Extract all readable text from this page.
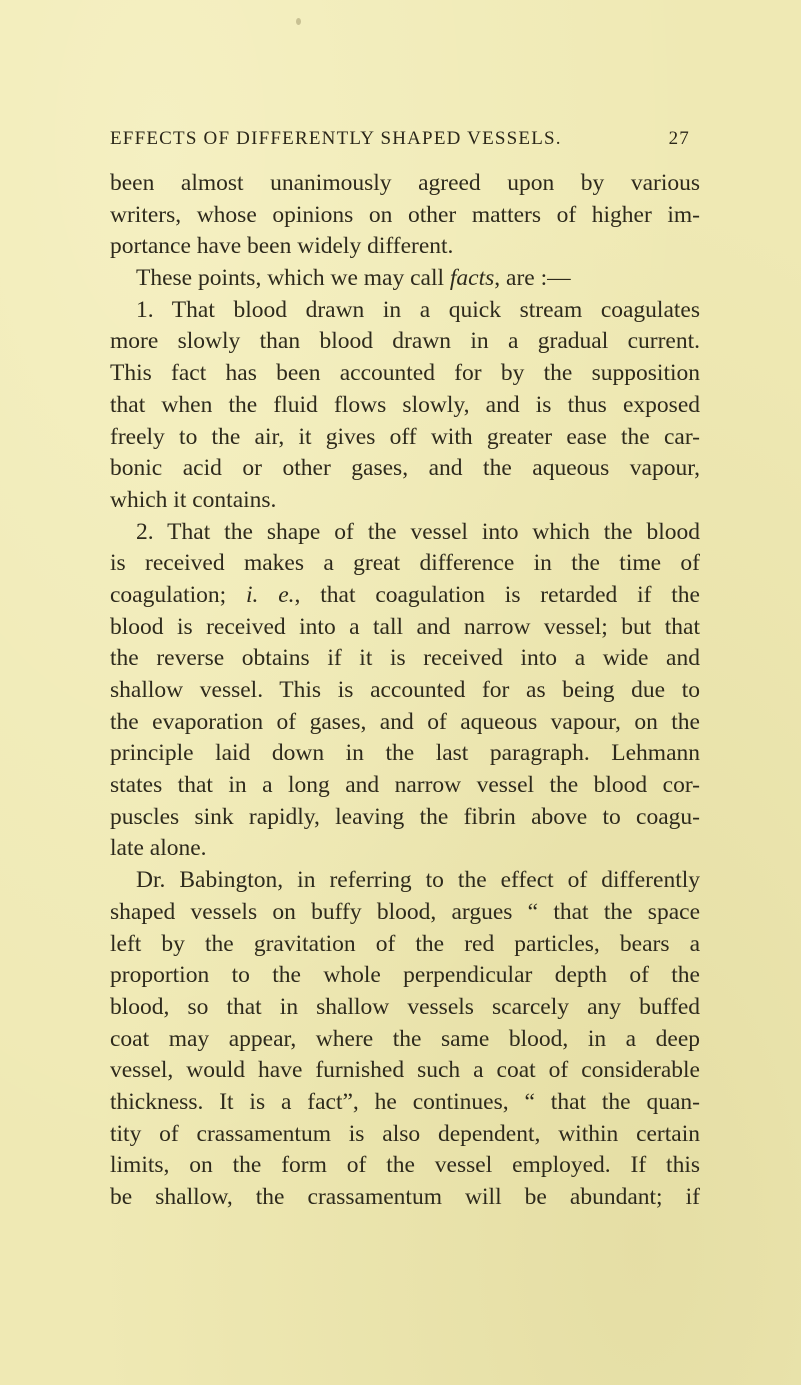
EFFECTS OF DIFFERENTLY SHAPED VESSELS.	27
been almost unanimously agreed upon by various
writers, whose opinions on other matters of higher im-
portance have been widely different.
These points, which we may call facts, are :—
1. That blood drawn in a quick stream coagulates
more slowly than blood drawn in a gradual current.
This fact has been accounted for by the supposition
that when the fluid flows slowly, and is thus exposed
freely to the air, it gives off with greater ease the car-
bonic acid or other gases, and the aqueous vapour,
which it contains.
2. That the shape of the vessel into which the blood
is received makes a great difference in the time of
coagulation; i. e., that coagulation is retarded if the
blood is received into a tall and narrow vessel; but that
the reverse obtains if it is received into a wide and
shallow vessel. This is accounted for as being due to
the evaporation of gases, and of aqueous vapour, on the
principle laid down in the last paragraph. Lehmann
states that in a long and narrow vessel the blood cor-
puscles sink rapidly, leaving the fibrin above to coagu-
late alone.
Dr. Babington, in referring to the effect of differently
shaped vessels on buffy blood, argues “ that the space
left by the gravitation of the red particles, bears a
proportion to the whole perpendicular depth of the
blood, so that in shallow vessels scarcely any buffed
coat may appear, where the same blood, in a deep
vessel, would have furnished such a coat of considerable
thickness. It is a fact”, he continues, “ that the quan-
tity of crassamentum is also dependent, within certain
limits, on the form of the vessel employed. If this
be shallow, the crassamentum will be abundant; if
